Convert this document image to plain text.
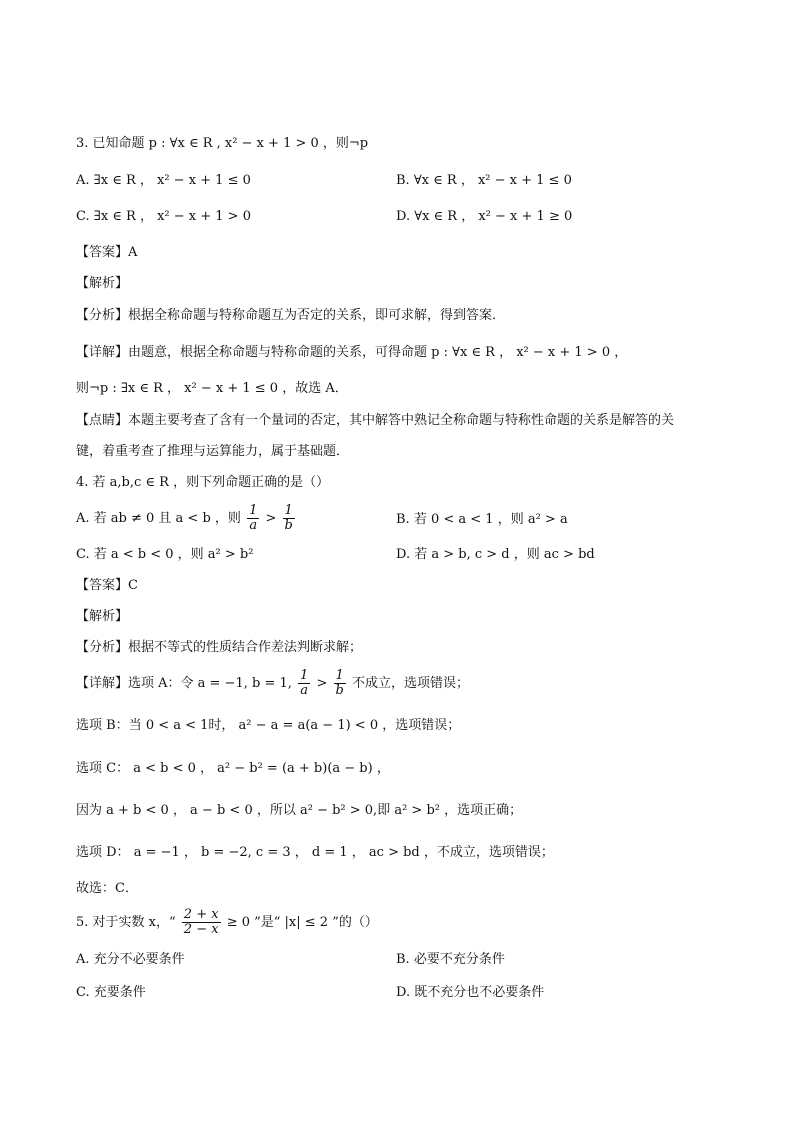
3. 已知命题 p : ∀x ∈ R , x² − x + 1 > 0 ，则¬p
A. ∃x ∈ R ， x² − x + 1 ≤ 0	B. ∀x ∈ R ， x² − x + 1 ≤ 0
C. ∃x ∈ R ， x² − x + 1 > 0	D. ∀x ∈ R ， x² − x + 1 ≥ 0
【答案】A
【解析】
【分析】根据全称命题与特称命题互为否定的关系，即可求解，得到答案．
【详解】由题意，根据全称命题与特称命题的关系，可得命题 p : ∀x ∈ R ， x² − x + 1 > 0 ，
则¬p : ∃x ∈ R ， x² − x + 1 ≤ 0 ，故选 A．
【点睛】本题主要考查了含有一个量词的否定，其中解答中熟记全称命题与特称性命题的关系是解答的关
键，着重考查了推理与运算能力，属于基础题．
4. 若 a,b,c ∈ R ，则下列命题正确的是（）
A. 若 ab ≠ 0 且 a < b ，则 $\frac{1}{a} > \frac{1}{b}$	B. 若 0 < a < 1 ，则 a² > a
C. 若 a < b < 0 ，则 a² > b²	D. 若 a > b, c > d ，则 ac > bd
【答案】C
【解析】
【分析】根据不等式的性质结合作差法判断求解；
【详解】选项 A：令 a = −1, b = 1, $\frac{1}{a} > \frac{1}{b}$ 不成立，选项错误；
选项 B：当 0 < a < 1时， a² − a = a(a − 1) < 0 ，选项错误；
选项 C： a < b < 0 ， a² − b² = (a + b)(a − b) ，
因为 a + b < 0 ， a − b < 0 ，所以 a² − b² > 0,即 a² > b² ，选项正确；
选项 D： a = −1 ， b = −2, c = 3 ， d = 1 ， ac > bd ，不成立，选项错误；
故选：C．
5. 对于实数 x，“ $\frac{2 + x}{2 - x} \ge 0$ ”是“ |x| ≤ 2 ”的（）
A. 充分不必要条件	B. 必要不充分条件
C. 充要条件	D. 既不充分也不必要条件
